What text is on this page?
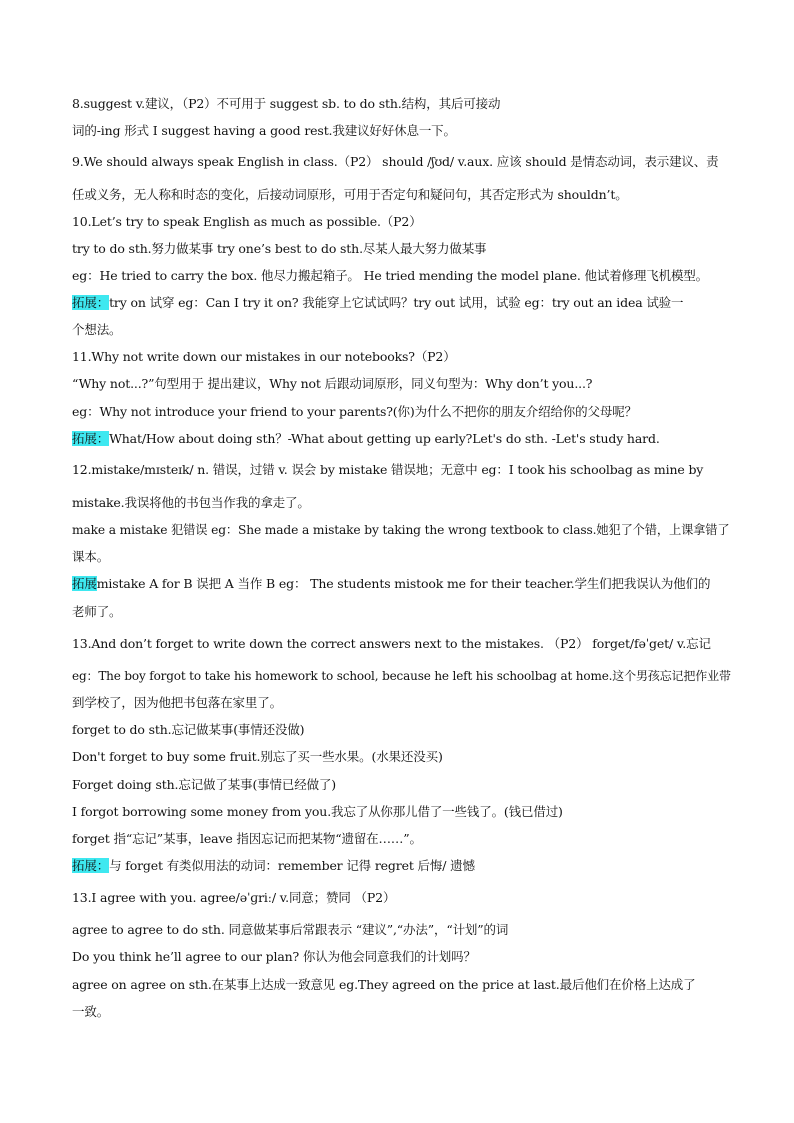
8.suggest v.建议，（P2）不可用于 suggest sb. to do sth.结构，其后可接动
词的-ing 形式 I suggest having a good rest.我建议好好休息一下。
9.We should always speak English in class.（P2） should /ʃʊd/ v.aux. 应该 should 是情态动词，表示建议、责
任或义务，无人称和时态的变化，后接动词原形，可用于否定句和疑问句，其否定形式为 shouldn’t。
10.Let’s try to speak English as much as possible.（P2）
try to do sth.努力做某事 try one’s best to do sth.尽某人最大努力做某事
eg：He tried to carry the box. 他尽力搬起箱子。 He tried mending the model plane. 他试着修理飞机模型。
拓展：try on 试穿 eg：Can I try it on? 我能穿上它试试吗？try out 试用，试验 eg：try out an idea 试验一
个想法。
11.Why not write down our mistakes in our notebooks?（P2）
“Why not...?”句型用于 提出建议，Why not 后跟动词原形，同义句型为：Why don’t you...?
eg：Why not introduce your friend to your parents?(你)为什么不把你的朋友介绍给你的父母呢？
拓展：What/How about doing sth？-What about getting up early?Let's do sth. -Let's study hard.
12.mistake/mɪsteɪk/ n. 错误，过错 v. 误会 by mistake 错误地；无意中 eg：I took his schoolbag as mine by
mistake.我误将他的书包当作我的拿走了。
make a mistake 犯错误 eg：She made a mistake by taking the wrong textbook to class.她犯了个错，上课拿错了
课本。
拓展mistake A for B 误把 A 当作 B eg： The students mistook me for their teacher.学生们把我误认为他们的
老师了。
13.And don’t forget to write down the correct answers next to the mistakes. （P2） forget/fəˈget/ v.忘记
eg：The boy forgot to take his homework to school, because he left his schoolbag at home.这个男孩忘记把作业带
到学校了，因为他把书包落在家里了。
forget to do sth.忘记做某事(事情还没做)
Don't forget to buy some fruit.别忘了买一些水果。(水果还没买)
Forget doing sth.忘记做了某事(事情已经做了)
I forgot borrowing some money from you.我忘了从你那儿借了一些钱了。(钱已借过)
forget 指“忘记”某事，leave 指因忘记而把某物“遗留在……”。
拓展：与 forget 有类似用法的动词：remember 记得 regret 后悔/ 遗憾
13.I agree with you. agree/əˈɡriː/ v.同意；赞同 （P2）
agree to agree to do sth. 同意做某事后常跟表示 “建议”,“办法”，“计划”的词
Do you think he’ll agree to our plan? 你认为他会同意我们的计划吗？
agree on agree on sth.在某事上达成一致意见 eg.They agreed on the price at last.最后他们在价格上达成了
一致。
